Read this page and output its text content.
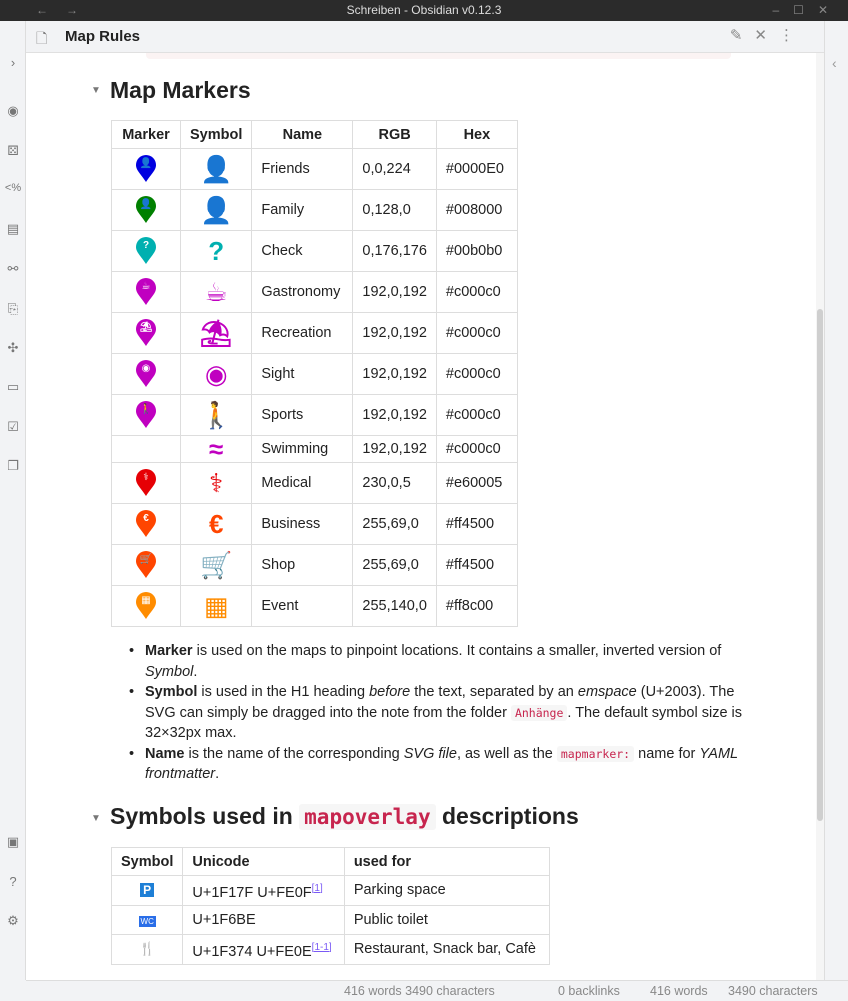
←→	Schreiben - Obsidian v0.12.3	–☐✕
›
◉
⚄
<%
▤
⚯
⎘
✣
▭
☑
❐
▣
?
⚙
‹
🗋 Map Rules	✎✕⋮
▼ Map Markers
Marker	Symbol	Name	RGB	Hex

👤	👤	Friends	0,0,224	#0000E0

👤	👤	Family	0,128,0	#008000

?	?	Check	0,176,176	#00b0b0

☕	☕	Gastronomy	192,0,192	#c000c0

⛱	⛱	Recreation	192,0,192	#c000c0

◉	◉	Sight	192,0,192	#c000c0

🚶	🚶	Sports	192,0,192	#c000c0
	≈	Swimming	192,0,192	#c000c0

⚕	⚕	Medical	230,0,5	#e60005

€	€	Business	255,69,0	#ff4500

🛒	🛒	Shop	255,69,0	#ff4500

▦	▦	Event	255,140,0	#ff8c00
• Marker is used on the maps to pinpoint locations. It contains a smaller, inverted version of Symbol.
• Symbol is used in the H1 heading before the text, separated by an emspace (U+2003). The SVG can simply be dragged into the note from the folder Anhänge . The default symbol size is 32×32px max.
• Name is the name of the corresponding SVG file, as well as the mapmarker: name for YAML frontmatter.
▼ Symbols used in mapoverlay descriptions
Symbol	Unicode	used for
P	U+1F17F U+FE0F[1]	Parking space
WC	U+1F6BE	Public toilet
🍴	U+1F374 U+FE0E[1-1]	Restaurant, Snack bar, Cafè
416 words 3490 characters	0 backlinks 416 words 3490 characters
